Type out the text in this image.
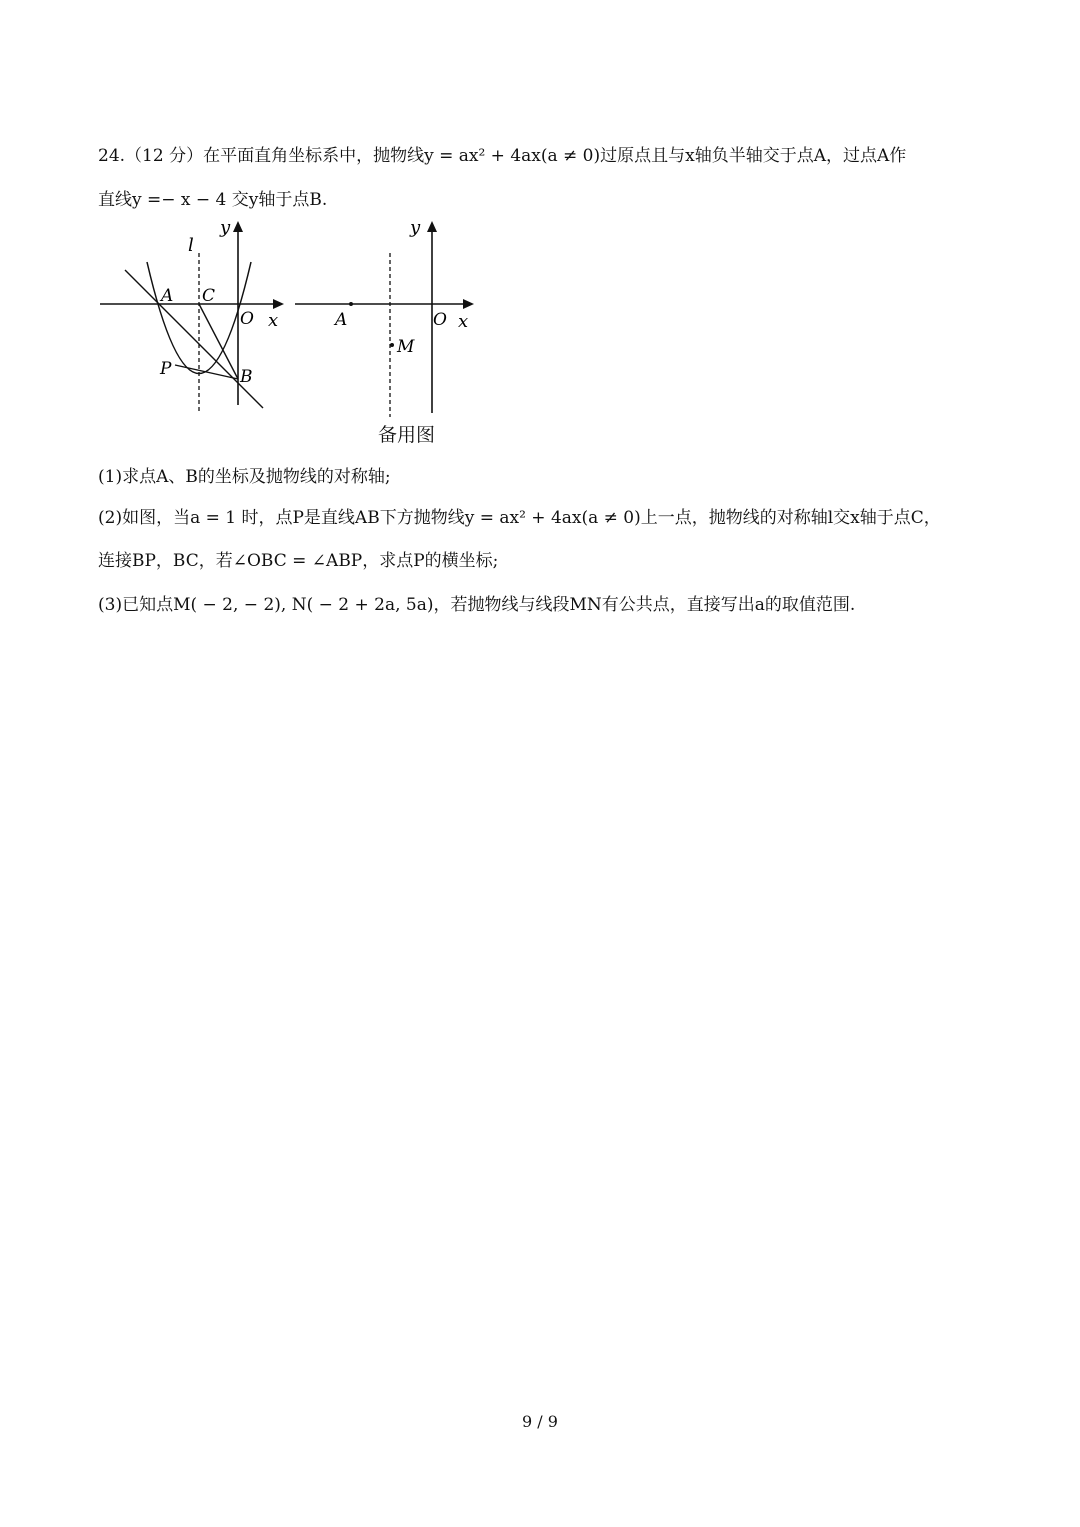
24.（12 分）在平面直角坐标系中，抛物线y = ax² + 4ax(a ≠ 0)过原点且与x轴负半轴交于点A，过点A作
直线y =− x − 4 交y轴于点B.
y
l
A C
O x
P	B
y
A	O x
M
备用图
(1)求点A、B的坐标及抛物线的对称轴;
(2)如图，当a = 1 时，点P是直线AB下方抛物线y = ax² + 4ax(a ≠ 0)上一点，抛物线的对称轴l交x轴于点C，
连接BP，BC，若∠OBC = ∠ABP，求点P的横坐标;
(3)已知点M( − 2, − 2), N( − 2 + 2a, 5a)，若抛物线与线段MN有公共点，直接写出a的取值范围.
9 / 9
